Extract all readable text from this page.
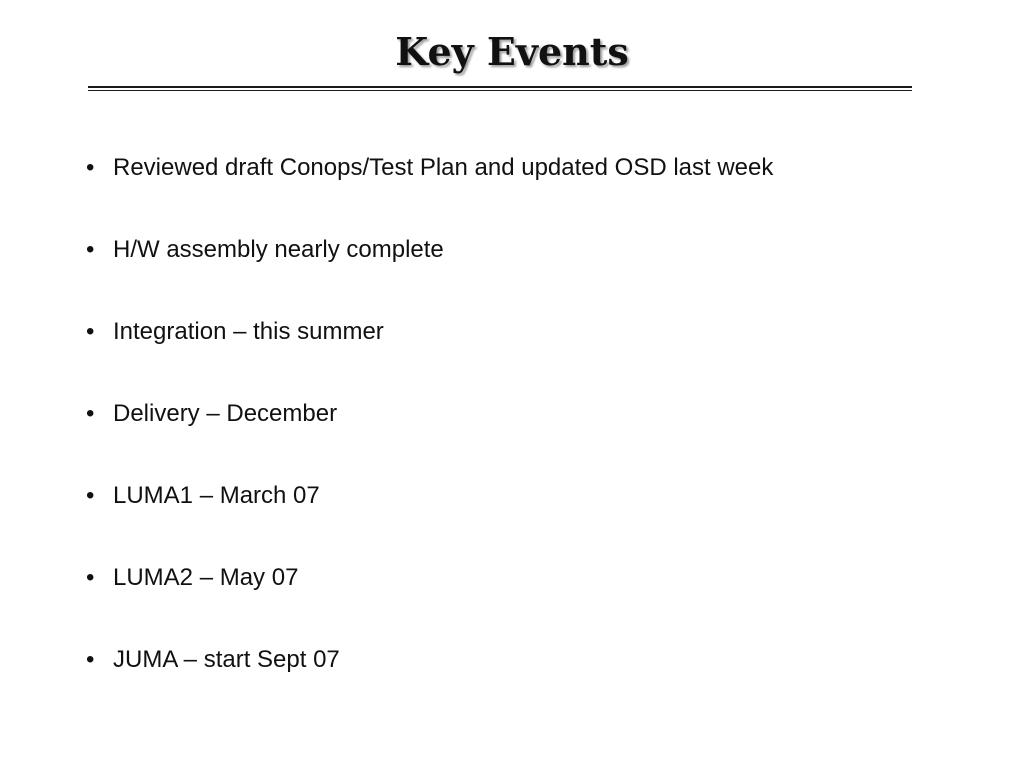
Key Events
• Reviewed draft Conops/Test Plan and updated OSD last week
• H/W assembly nearly complete
• Integration – this summer
• Delivery – December
• LUMA1 – March 07
• LUMA2 – May 07
• JUMA – start Sept 07
